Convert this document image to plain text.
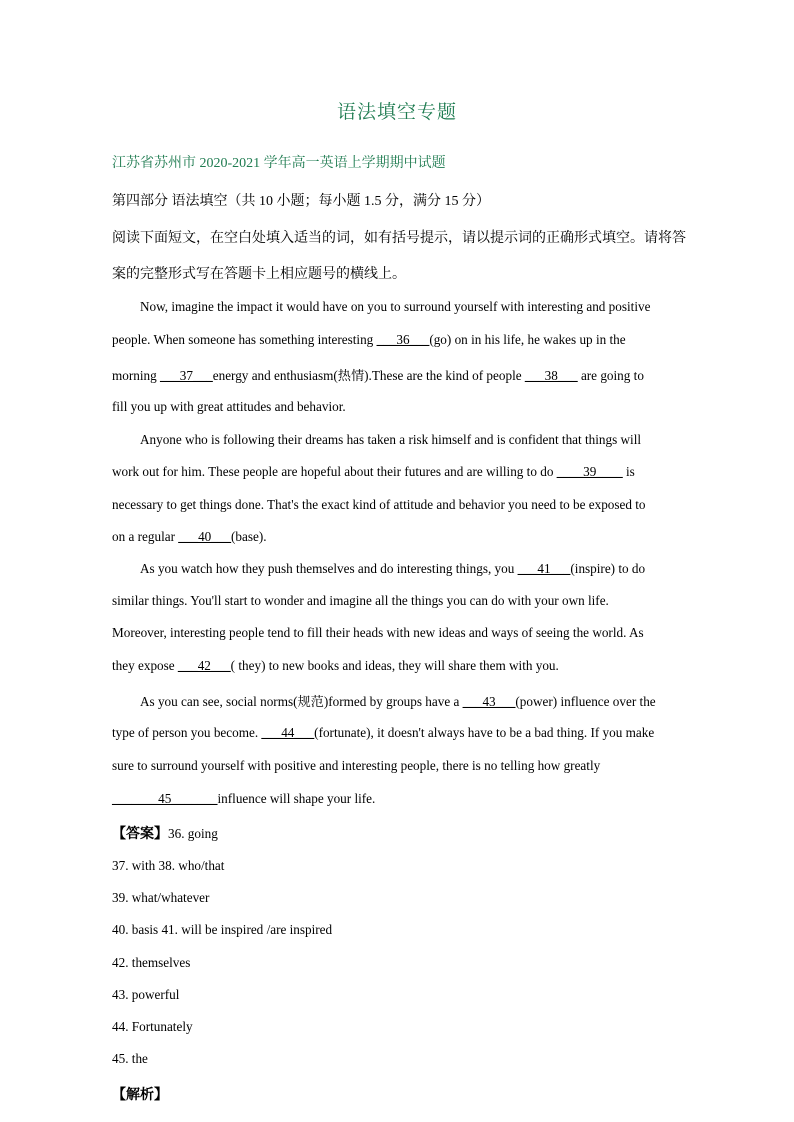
语法填空专题
江苏省苏州市 2020-2021 学年高一英语上学期期中试题
第四部分 语法填空（共 10 小题；每小题 1.5 分，满分 15 分）
阅读下面短文，在空白处填入适当的词，如有括号提示，请以提示词的正确形式填空。请将答
案的完整形式写在答题卡上相应题号的横线上。
Now, imagine the impact it would have on you to surround yourself with interesting and positive
people. When someone has something interesting ___36___(go) on in his life, he wakes up in the
morning ___37___energy and enthusiasm(热情).These are the kind of people ___38___ are going to
fill you up with great attitudes and behavior.
Anyone who is following their dreams has taken a risk himself and is confident that things will
work out for him. These people are hopeful about their futures and are willing to do ____39____ is
necessary to get things done. That's the exact kind of attitude and behavior you need to be exposed to
on a regular ___40___(base).
As you watch how they push themselves and do interesting things, you ___41___(inspire) to do
similar things. You'll start to wonder and imagine all the things you can do with your own life.
Moreover, interesting people tend to fill their heads with new ideas and ways of seeing the world. As
they expose ___42___( they) to new books and ideas, they will share them with you.
As you can see, social norms(规范)formed by groups have a ___43___(power) influence over the
type of person you become. ___44___(fortunate), it doesn't always have to be a bad thing. If you make
sure to surround yourself with positive and interesting people, there is no telling how greatly
_______45_______influence will shape your life.
【答案】36. going
37. with 38. who/that
39. what/whatever
40. basis 41. will be inspired /are inspired
42. themselves
43. powerful
44. Fortunately
45. the
【解析】
